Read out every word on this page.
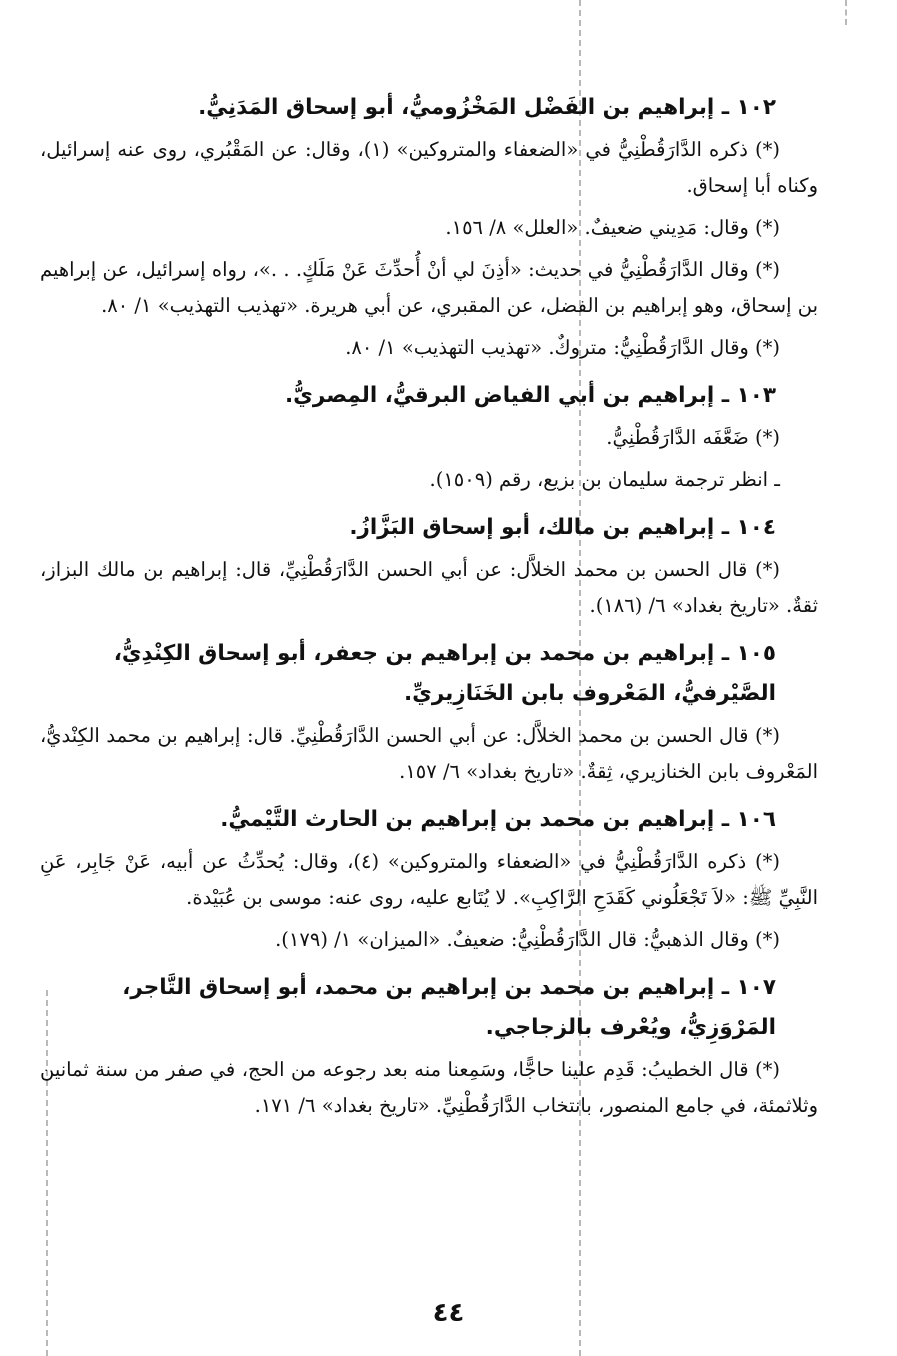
١٠٢ ـ إبراهيم بن الفَضْل المَخْزُوميُّ، أبو إسحاق المَدَنِيُّ.

(*) ذكره الدَّارَقُطْنِيُّ في «الضعفاء والمتروكين» (١)، وقال: عن المَقْبُري، روى عنه إسرائيل، وكناه أبا إسحاق.

(*) وقال: مَدِيني ضعيفٌ. «العلل» ٨/ ١٥٦.

(*) وقال الدَّارَقُطْنِيُّ في حديث: «أذِنَ لي أنْ أُحدِّثَ عَنْ مَلَكٍ. . .»، رواه إسرائيل، عن إبراهيم بن إسحاق، وهو إبراهيم بن الفضل، عن المقبري، عن أبي هريرة. «تهذيب التهذيب» ١/ ٨٠.

(*) وقال الدَّارَقُطْنِيُّ: متروكٌ. «تهذيب التهذيب» ١/ ٨٠.

١٠٣ ـ إبراهيم بن أبي الفياض البرقيُّ، المِصريُّ.

(*) ضَعَّفَه الدَّارَقُطْنِيُّ.

ـ انظر ترجمة سليمان بن بزيع، رقم (١٥٠٩).

١٠٤ ـ إبراهيم بن مالك، أبو إسحاق البَزَّازُ.

(*) قال الحسن بن محمد الخلاَّل: عن أبي الحسن الدَّارَقُطْنِيِّ، قال: إبراهيم بن مالك البزاز، ثقةٌ. «تاريخ بغداد» ٦/ (١٨٦).

١٠٥ ـ إبراهيم بن محمد بن إبراهيم بن جعفر، أبو إسحاق الكِنْدِيُّ، الصَّيْرفيُّ، المَعْروف بابن الخَنَازِيريِّ.

(*) قال الحسن بن محمد الخلاَّل: عن أبي الحسن الدَّارَقُطْنِيِّ. قال: إبراهيم بن محمد الكِنْديُّ، المَعْروف بابن الخنازيري، ثِقةٌ. «تاريخ بغداد» ٦/ ١٥٧.

١٠٦ ـ إبراهيم بن محمد بن إبراهيم بن الحارث التَّيْميُّ.

(*) ذكره الدَّارَقُطْنِيُّ في «الضعفاء والمتروكين» (٤)، وقال: يُحدِّثُ عن أبيه، عَنْ جَابِر، عَنِ النَّبِيِّ ﷺ: «لاَ تَجْعَلُوني كَقَدَحِ الرَّاكِبِ». لا يُتَابع عليه، روى عنه: موسى بن عُبَيْدة.

(*) وقال الذهبيُّ: قال الدَّارَقُطْنِيُّ: ضعيفٌ. «الميزان» ١/ (١٧٩).

١٠٧ ـ إبراهيم بن محمد بن إبراهيم بن محمد، أبو إسحاق التَّاجر، المَرْوَزِيُّ، ويُعْرف بالزجاجي.

(*) قال الخطيبُ: قَدِم علينا حاجًّا، وسَمِعنا منه بعد رجوعه من الحج، في صفر من سنة ثمانين وثلاثمئة، في جامع المنصور، بانتخاب الدَّارَقُطْنِيِّ. «تاريخ بغداد» ٦/ ١٧١.

٤٤
